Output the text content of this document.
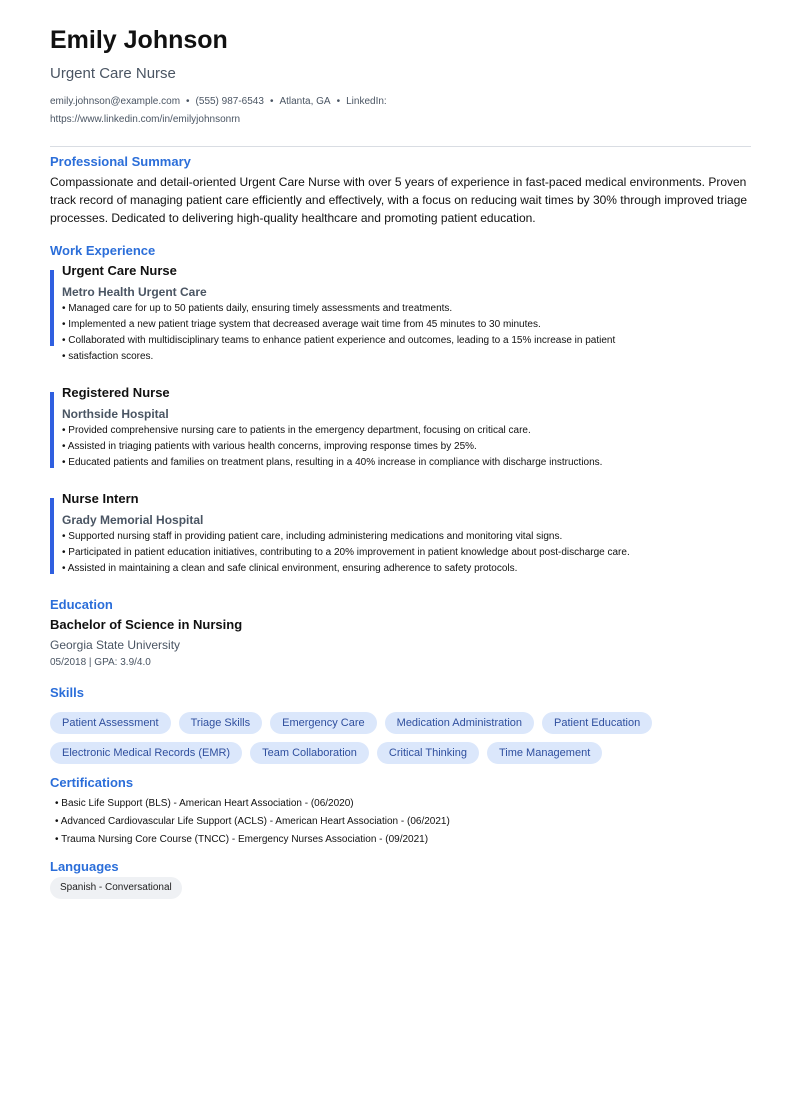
Emily Johnson
Urgent Care Nurse
emily.johnson@example.com • (555) 987-6543 • Atlanta, GA • LinkedIn:
https://www.linkedin.com/in/emilyjohnsonrn
Professional Summary

Compassionate and detail-oriented Urgent Care Nurse with over 5 years of experience in fast-paced medical environments. Proven track record of managing patient care efficiently and effectively, with a focus on reducing wait times by 30% through improved triage processes. Dedicated to delivering high-quality healthcare and promoting patient education.

Work Experience
Urgent Care Nurse
Metro Health Urgent Care
• Managed care for up to 50 patients daily, ensuring timely assessments and treatments.
• Implemented a new patient triage system that decreased average wait time from 45 minutes to 30 minutes.
• Collaborated with multidisciplinary teams to enhance patient experience and outcomes, leading to a 15% increase in patient
• satisfaction scores.
Registered Nurse
Northside Hospital
• Provided comprehensive nursing care to patients in the emergency department, focusing on critical care.
• Assisted in triaging patients with various health concerns, improving response times by 25%.
• Educated patients and families on treatment plans, resulting in a 40% increase in compliance with discharge instructions.
Nurse Intern
Grady Memorial Hospital
• Supported nursing staff in providing patient care, including administering medications and monitoring vital signs.
• Participated in patient education initiatives, contributing to a 20% improvement in patient knowledge about post-discharge care.
• Assisted in maintaining a clean and safe clinical environment, ensuring adherence to safety protocols.
Education
Bachelor of Science in Nursing
Georgia State University
05/2018 | GPA: 3.9/4.0
Skills
Patient Assessment	Triage Skills	Emergency Care	Medication Administration	Patient Education
Electronic Medical Records (EMR)	Team Collaboration	Critical Thinking	Time Management
Certifications
• Basic Life Support (BLS) - American Heart Association - (06/2020)
• Advanced Cardiovascular Life Support (ACLS) - American Heart Association - (06/2021)
• Trauma Nursing Core Course (TNCC) - Emergency Nurses Association - (09/2021)
Languages
Spanish - Conversational
